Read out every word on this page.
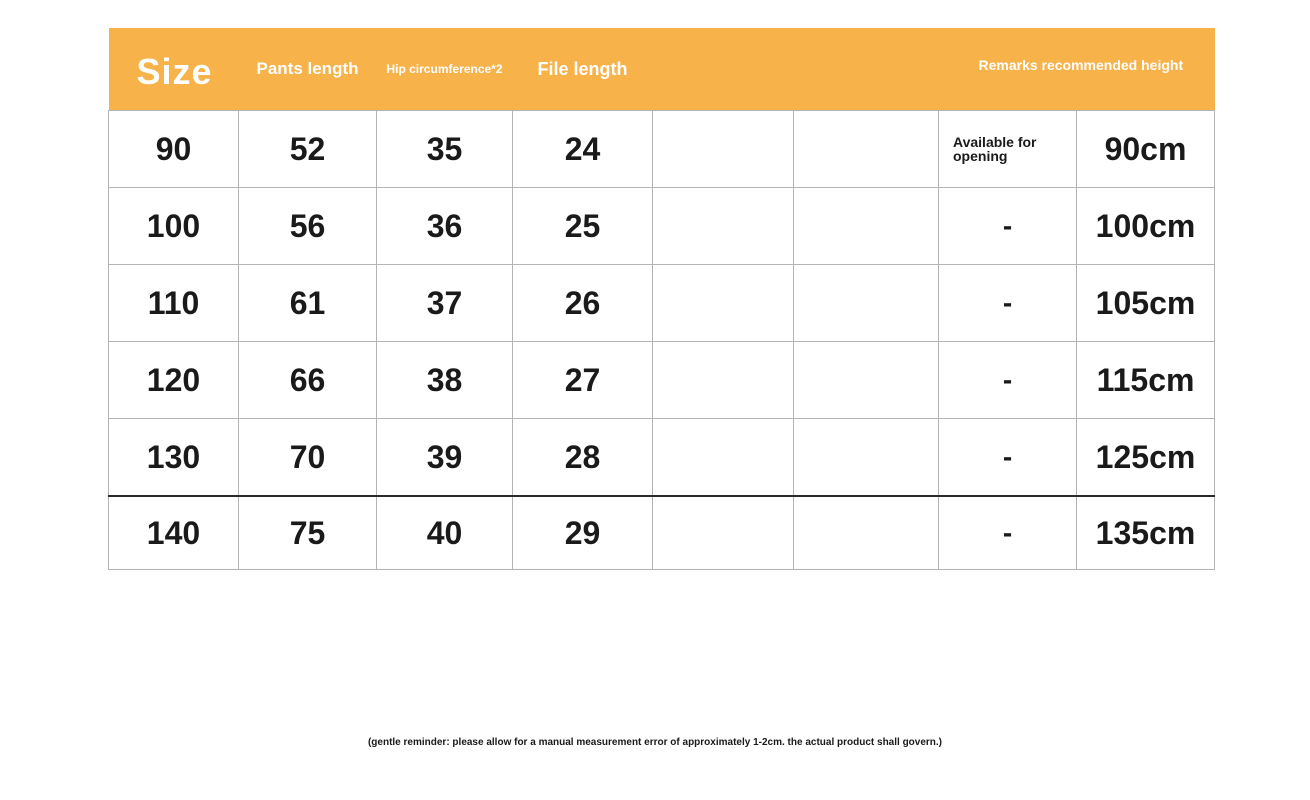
Size	Pants length	Hip circumference*2	File length			Remarks recommended height	
90	52	35	24			Available for opening	90cm
100	56	36	25			-	100cm
110	61	37	26			-	105cm
120	66	38	27			-	115cm
130	70	39	28			-	125cm
140	75	40	29			-	135cm
(gentle reminder: please allow for a manual measurement error of approximately 1-2cm. the actual product shall govern.)
